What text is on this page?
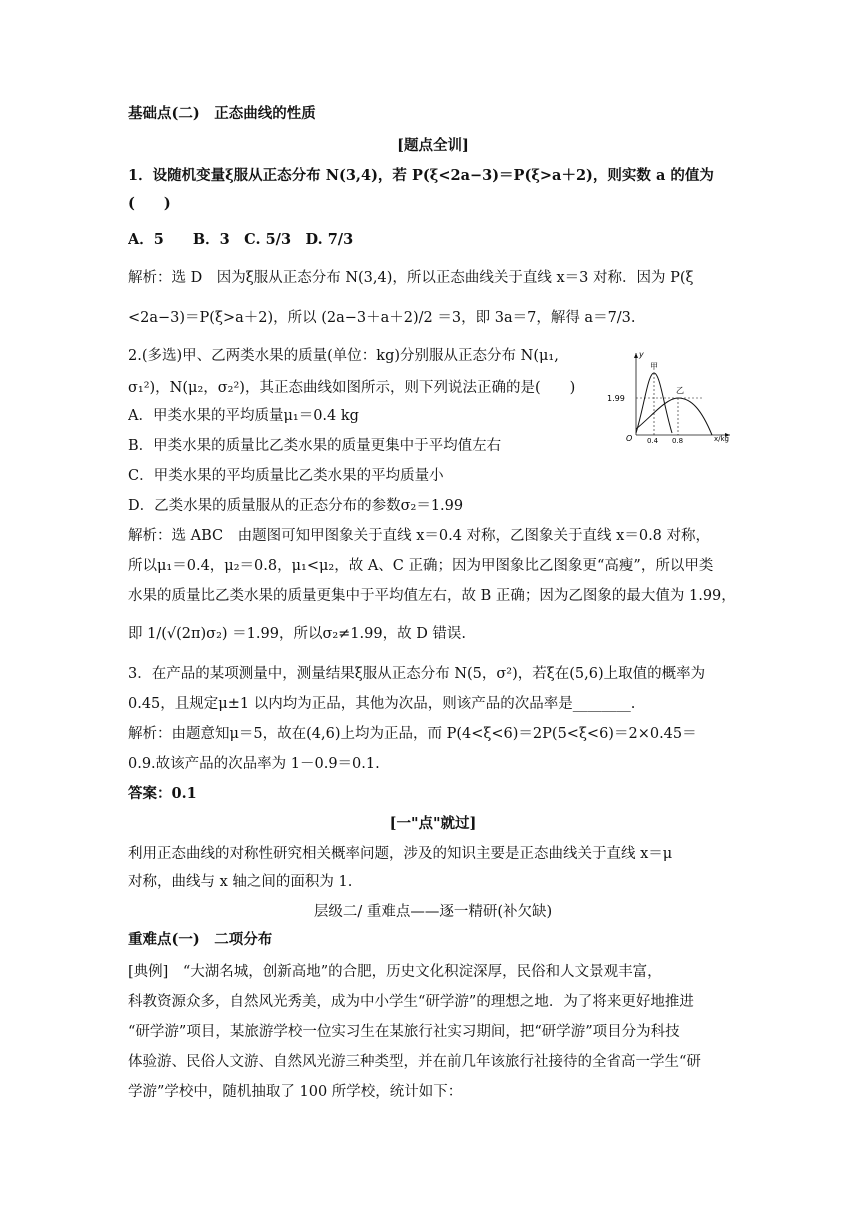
基础点(二)　正态曲线的性质
[题点全训]
1．设随机变量ξ服从正态分布 N(3,4)，若 P(ξ<2a−3)＝P(ξ>a＋2)，则实数 a 的值为
(　　)
A．5　　B．3　C. 5/3　D. 7/3
解析：选 D　因为ξ服从正态分布 N(3,4)，所以正态曲线关于直线 x＝3 对称．因为 P(ξ
<2a−3)＝P(ξ>a＋2)，所以 (2a−3＋a＋2)/2 ＝3，即 3a＝7，解得 a＝7/3.
2.(多选)甲、乙两类水果的质量(单位：kg)分别服从正态分布 N(μ₁,
σ₁²)，N(μ₂，σ₂²)，其正态曲线如图所示，则下列说法正确的是(　　)
A．甲类水果的平均质量μ₁＝0.4 kg
B．甲类水果的质量比乙类水果的质量更集中于平均值左右
C．甲类水果的平均质量比乙类水果的平均质量小
D．乙类水果的质量服从的正态分布的参数σ₂＝1.99
y
x/kg
O
1.99
甲
乙
0.4 0.8
解析：选 ABC　由题图可知甲图象关于直线 x＝0.4 对称，乙图象关于直线 x＝0.8 对称，
所以μ₁＝0.4，μ₂＝0.8，μ₁<μ₂，故 A、C 正确；因为甲图象比乙图象更“高瘦”，所以甲类
水果的质量比乙类水果的质量更集中于平均值左右，故 B 正确；因为乙图象的最大值为 1.99，
即 1/(√(2π)σ₂) ＝1.99，所以σ₂≠1.99，故 D 错误.
3．在产品的某项测量中，测量结果ξ服从正态分布 N(5，σ²)，若ξ在(5,6)上取值的概率为
0.45，且规定μ±1 以内均为正品，其他为次品，则该产品的次品率是________.
解析：由题意知μ＝5，故在(4,6)上均为正品，而 P(4<ξ<6)＝2P(5<ξ<6)＝2×0.45＝
0.9.故该产品的次品率为 1－0.9＝0.1.
答案：0.1
[一"点"就过]
利用正态曲线的对称性研究相关概率问题，涉及的知识主要是正态曲线关于直线 x＝μ
对称，曲线与 x 轴之间的面积为 1.
层级二/ 重难点——逐一精研(补欠缺)
重难点(一)　二项分布
[典例]　“大湖名城，创新高地”的合肥，历史文化积淀深厚，民俗和人文景观丰富，
科教资源众多，自然风光秀美，成为中小学生“研学游”的理想之地．为了将来更好地推进
“研学游”项目，某旅游学校一位实习生在某旅行社实习期间，把“研学游”项目分为科技
体验游、民俗人文游、自然风光游三种类型，并在前几年该旅行社接待的全省高一学生“研
学游”学校中，随机抽取了 100 所学校，统计如下：
